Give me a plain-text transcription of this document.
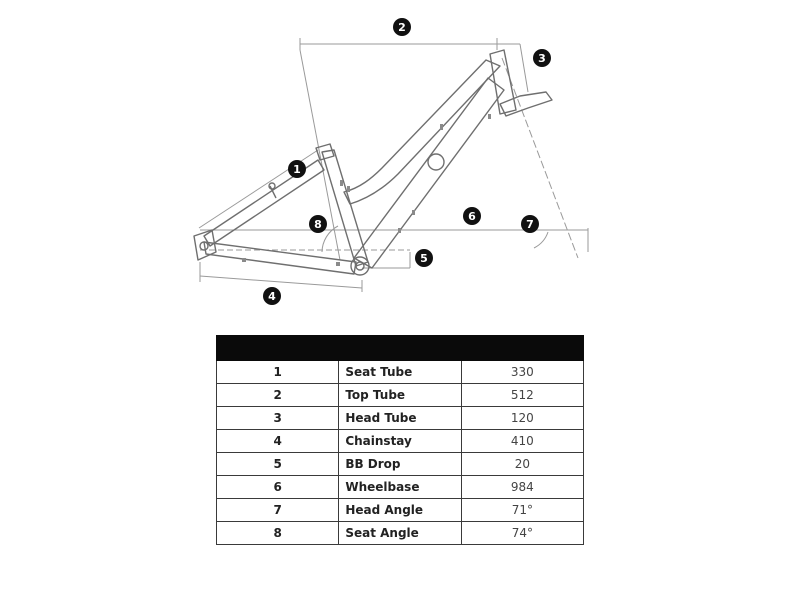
1
2
3
4
5
6
7
8

1	Seat Tube	330
2	Top Tube	512
3	Head Tube	120
4	Chainstay	410
5	BB Drop	20
6	Wheelbase	984
7	Head Angle	71°
8	Seat Angle	74°
